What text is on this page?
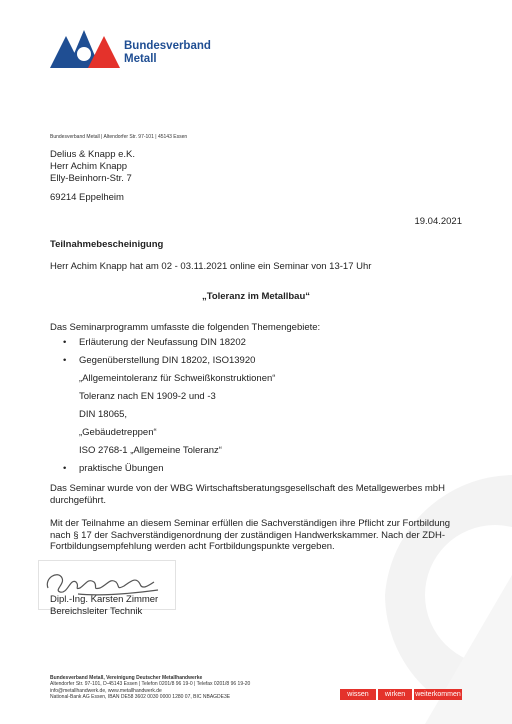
Bundesverband
Metall
Bundesverband Metall | Altendorfer Str. 97-101 | 45143 Essen
Delius & Knapp e.K.
Herr Achim Knapp
Elly-Beinhorn-Str. 7
69214 Eppelheim
19.04.2021
Teilnahmebescheinigung
Herr Achim Knapp hat am 02 - 03.11.2021 online ein Seminar von 13-17 Uhr
„Toleranz im Metallbau“
Das Seminarprogramm umfasste die folgenden Themengebiete:
• Erläuterung der Neufassung DIN 18202
• Gegenüberstellung DIN 18202, ISO13920
„Allgemeintoleranz für Schweißkonstruktionen“
Toleranz nach EN 1909-2 und -3
DIN 18065,
„Gebäudetreppen“
ISO 2768-1 „Allgemeine Toleranz“
• praktische Übungen
Das Seminar wurde von der WBG Wirtschaftsberatungsgesellschaft des Metallgewerbes mbH durchgeführt.
Mit der Teilnahme an diesem Seminar erfüllen die Sachverständigen ihre Pflicht zur Fortbildung nach § 17 der Sachverständigenordnung der zuständigen Handwerkskammer. Nach der ZDH-Fortbildungsempfehlung werden acht Fortbildungspunkte vergeben.
Dipl.-Ing. Karsten Zimmer
Bereichsleiter Technik
Bundesverband Metall, Vereinigung Deutscher Metallhandwerke
Altendorfer Str. 97-101, D-45143 Essen | Telefon 0201/8 96 19-0 | Telefax 0201/8 96 19-20
info@metallhandwerk.de, www.metallhandwerk.de
National-Bank AG Essen, IBAN DE58 3602 0030 0000 1280 07, BIC NBAGDE3E	wissen	wirken	weiterkommen
